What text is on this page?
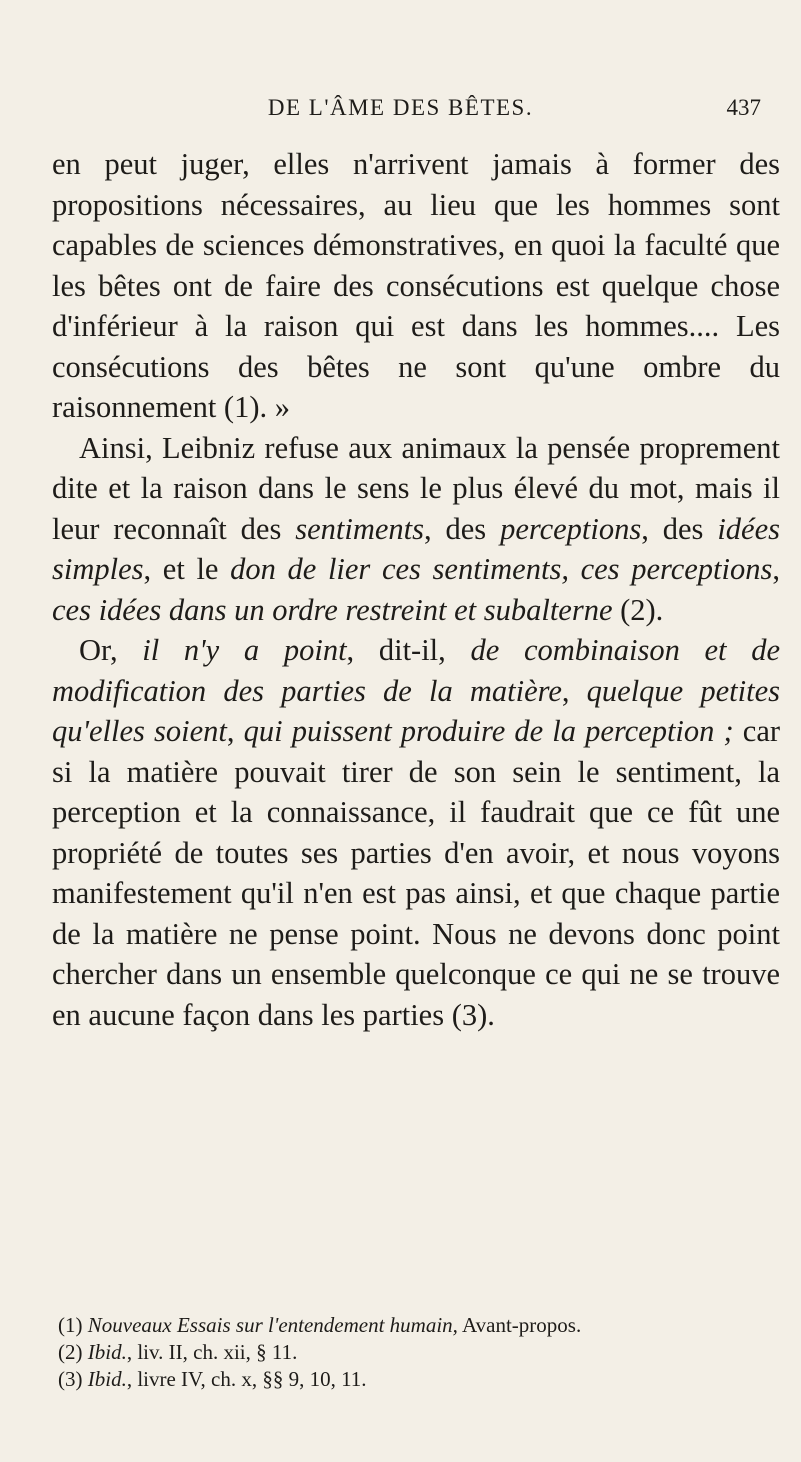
DE L'ÂME DES BÊTES.	437

en peut juger, elles n'arrivent jamais à former des propositions nécessaires, au lieu que les hommes sont capables de sciences démonstratives, en quoi la faculté que les bêtes ont de faire des consécutions est quelque chose d'inférieur à la raison qui est dans les hommes.... Les consécutions des bêtes ne sont qu'une ombre du raisonnement (1). »

Ainsi, Leibniz refuse aux animaux la pensée proprement dite et la raison dans le sens le plus élevé du mot, mais il leur reconnaît des sentiments, des perceptions, des idées simples, et le don de lier ces sentiments, ces perceptions, ces idées dans un ordre restreint et subalterne (2).

Or, il n'y a point, dit-il, de combinaison et de modification des parties de la matière, quelque petites qu'elles soient, qui puissent produire de la perception ; car si la matière pouvait tirer de son sein le sentiment, la perception et la connaissance, il faudrait que ce fût une propriété de toutes ses parties d'en avoir, et nous voyons manifestement qu'il n'en est pas ainsi, et que chaque partie de la matière ne pense point. Nous ne devons donc point chercher dans un ensemble quelconque ce qui ne se trouve en aucune façon dans les parties (3).

(1) Nouveaux Essais sur l'entendement humain, Avant-propos.

(2) Ibid., liv. II, ch. xii, § 11.

(3) Ibid., livre IV, ch. x, §§ 9, 10, 11.
